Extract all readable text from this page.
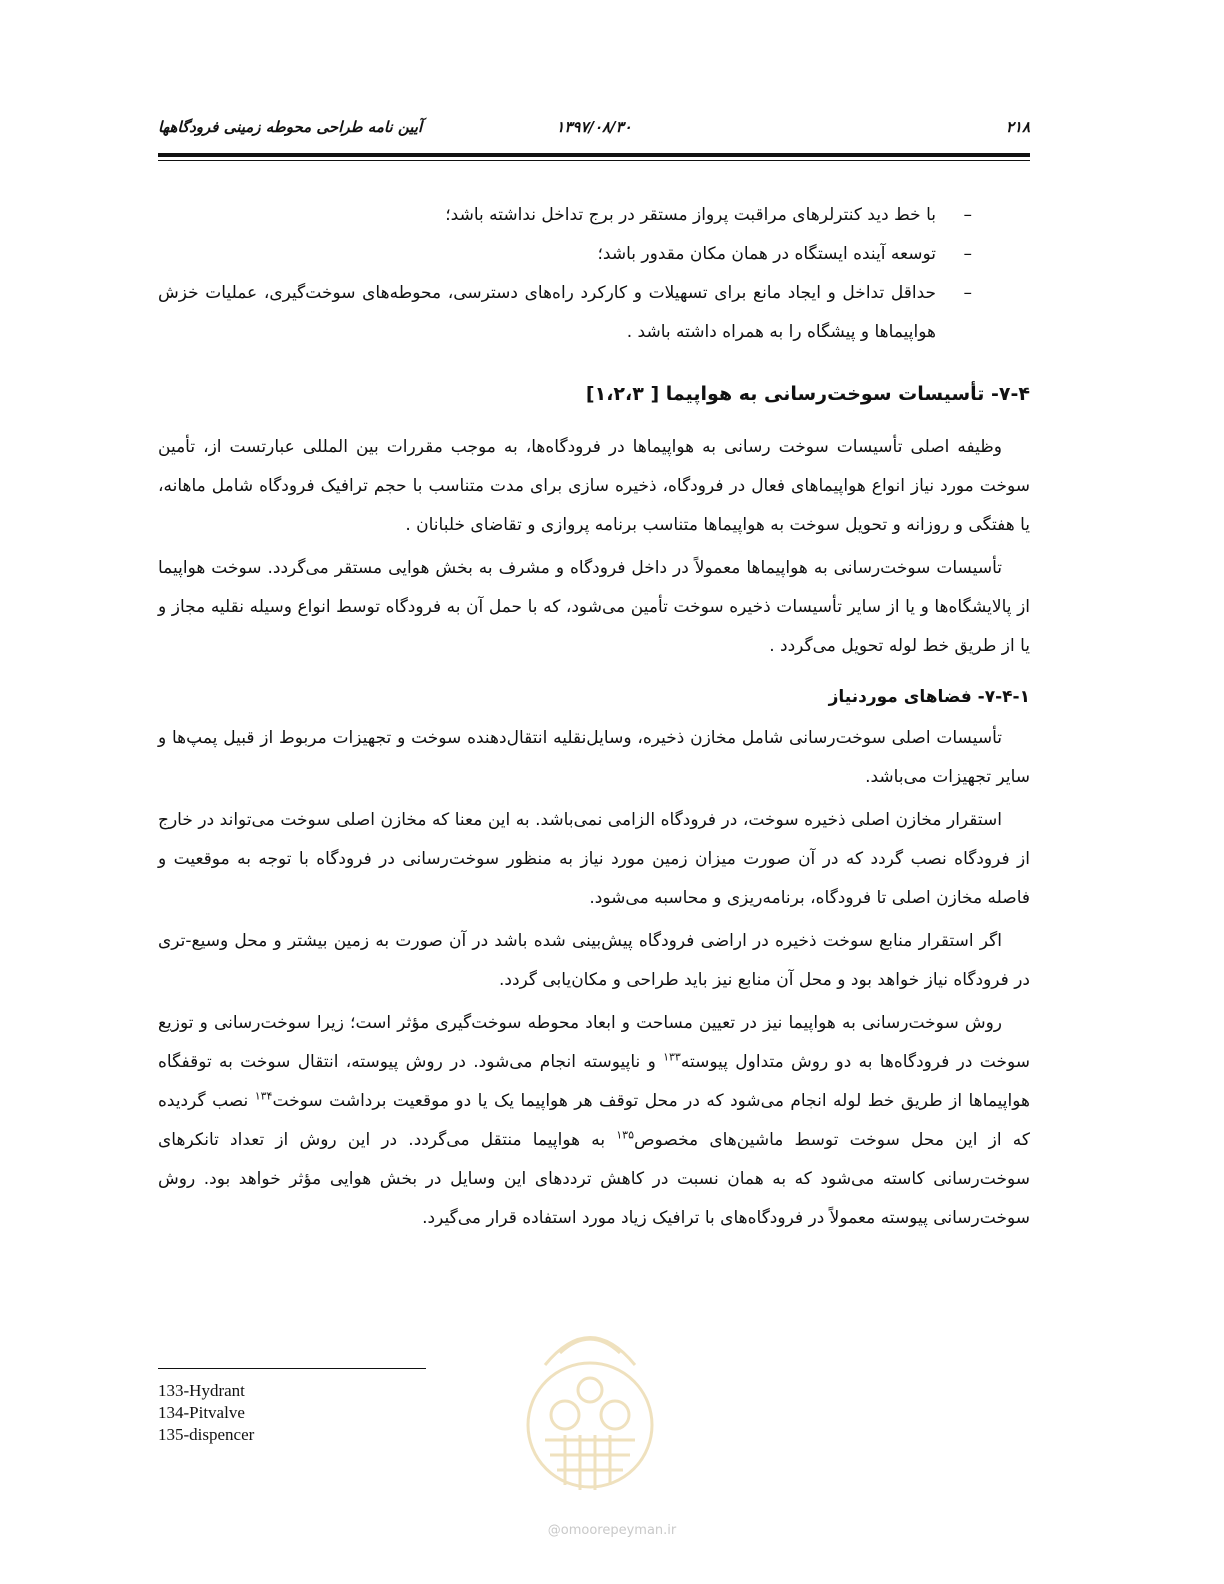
۲۱۸
۱۳۹۷/۰۸/۳۰
آیین نامه طراحی محوطه زمینی فرودگاهها
–
با خط دید کنترلرهای مراقبت پرواز مستقر در برج تداخل نداشته باشد؛
–
توسعه آینده ایستگاه در همان مکان مقدور باشد؛
–
حداقل تداخل و ایجاد مانع برای تسهیلات و کارکرد راه‌های دسترسی، محوطه‌های سوخت‌گیری، عملیات خزش هواپیماها و پیشگاه را به همراه داشته باشد .
۷-۴- تأسیسات سوخت‌رسانی به هواپیما [ ۱،۲،۳]

وظیفه اصلی تأسیسات سوخت رسانی به هواپیماها در فرودگاه‌ها، به موجب مقررات بین المللی عبارتست از، تأمین سوخت مورد نیاز انواع هواپیماهای فعال در فرودگاه، ذخیره سازی برای مدت متناسب با حجم ترافیک فرودگاه شامل ماهانه، یا هفتگی و روزانه و تحویل سوخت به هواپیماها متناسب برنامه پروازی و تقاضای خلبانان .

تأسیسات سوخت‌رسانی به هواپیماها معمولاً در داخل فرودگاه و مشرف به بخش هوایی مستقر می‌گردد. سوخت هواپیما از پالایشگاه‌ها و یا از سایر تأسیسات ذخیره سوخت تأمین می‌شود، که با حمل آن به فرودگاه توسط انواع وسیله نقلیه مجاز و یا از طریق خط لوله تحویل می‌گردد .

۷-۴-۱- فضاهای موردنیاز

تأسیسات اصلی سوخت‌رسانی شامل مخازن ذخیره، وسایل‌نقلیه انتقال‌دهنده سوخت و تجهیزات مربوط از قبیل پمپ‌ها و سایر تجهیزات می‌باشد.

استقرار مخازن اصلی ذخیره سوخت، در فرودگاه الزامی نمی‌باشد. به این معنا که مخازن اصلی سوخت می‌تواند در خارج از فرودگاه نصب گردد که در آن صورت میزان زمین مورد نیاز به منظور سوخت‌رسانی در فرودگاه با توجه به موقعیت و فاصله مخازن اصلی تا فرودگاه، برنامه‌ریزی و محاسبه می‌شود.

اگر استقرار منابع سوخت ذخیره در اراضی فرودگاه پیش‌بینی شده باشد در آن صورت به زمین بیشتر و محل وسیع-تری در فرودگاه نیاز خواهد بود و محل آن منابع نیز باید طراحی و مکان‌یابی گردد.

روش سوخت‌رسانی به هواپیما نیز در تعیین مساحت و ابعاد محوطه سوخت‌گیری مؤثر است؛ زیرا سوخت‌رسانی و توزیع سوخت در فرودگاه‌ها به دو روش متداول پیوسته$^{۱۳۳}$ و ناپیوسته انجام می‌شود. در روش پیوسته، انتقال سوخت به توقفگاه هواپیماها از طریق خط لوله انجام می‌شود که در محل توقف هر هواپیما یک یا دو موقعیت برداشت سوخت$^{۱۳۴}$ نصب گردیده که از این محل سوخت توسط ماشین‌های مخصوص$^{۱۳۵}$ به هواپیما منتقل می‌گردد. در این روش از تعداد تانکرهای سوخت‌رسانی کاسته می‌شود که به همان نسبت در کاهش ترددهای این وسایل در بخش هوایی مؤثر خواهد بود. روش سوخت‌رسانی پیوسته معمولاً در فرودگاه‌های با ترافیک زیاد مورد استفاده قرار می‌گیرد.

133-Hydrant
134-Pitvalve
135-dispencer
@omoorepeyman.ir
